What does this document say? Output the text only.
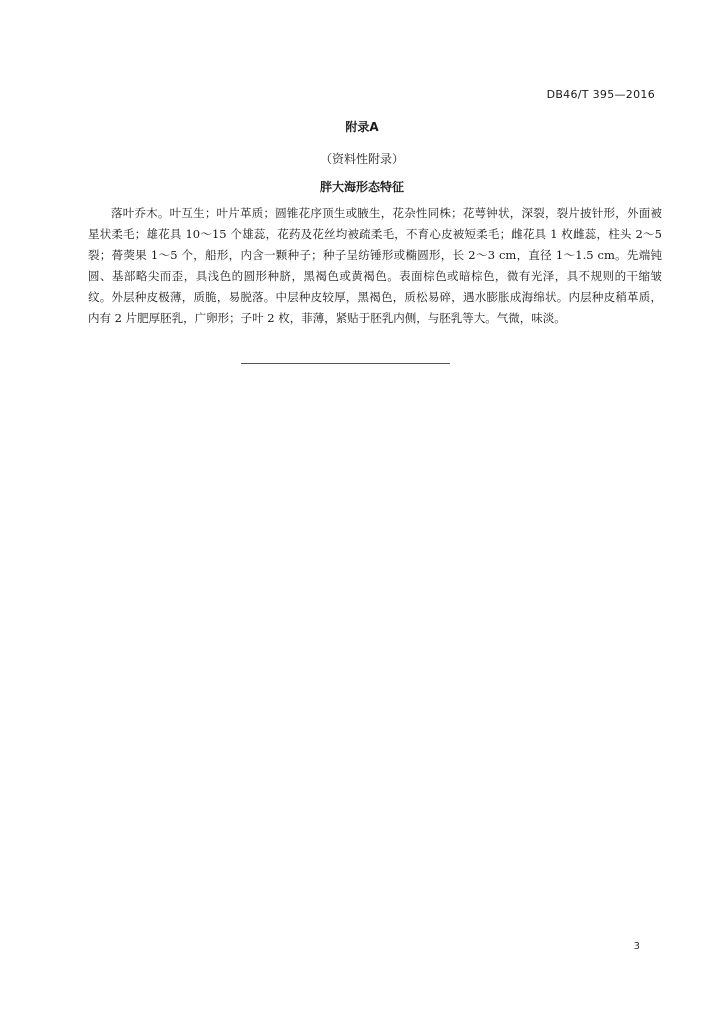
DB46/T 395—2016
附录A
（资料性附录）
胖大海形态特征

落叶乔木。叶互生；叶片革质；圆锥花序顶生或腋生，花杂性同株；花萼钟状，深裂，裂片披针形，外面被星状柔毛；雄花具 10～15 个雄蕊，花药及花丝均被疏柔毛，不育心皮被短柔毛；雌花具 1 枚雌蕊，柱头 2～5 裂；蓇葖果 1～5 个，船形，内含一颗种子；种子呈纺锤形或椭圆形，长 2～3 cm，直径 1～1.5 cm。先端钝圆、基部略尖而歪，具浅色的圆形种脐，黑褐色或黄褐色。表面棕色或暗棕色，微有光泽，具不规则的干缩皱纹。外层种皮极薄，质脆，易脱落。中层种皮较厚，黑褐色，质松易碎，遇水膨胀成海绵状。内层种皮稍革质，内有 2 片肥厚胚乳，广卵形；子叶 2 枚，菲薄，紧贴于胚乳内侧，与胚乳等大。气微，味淡。

3
